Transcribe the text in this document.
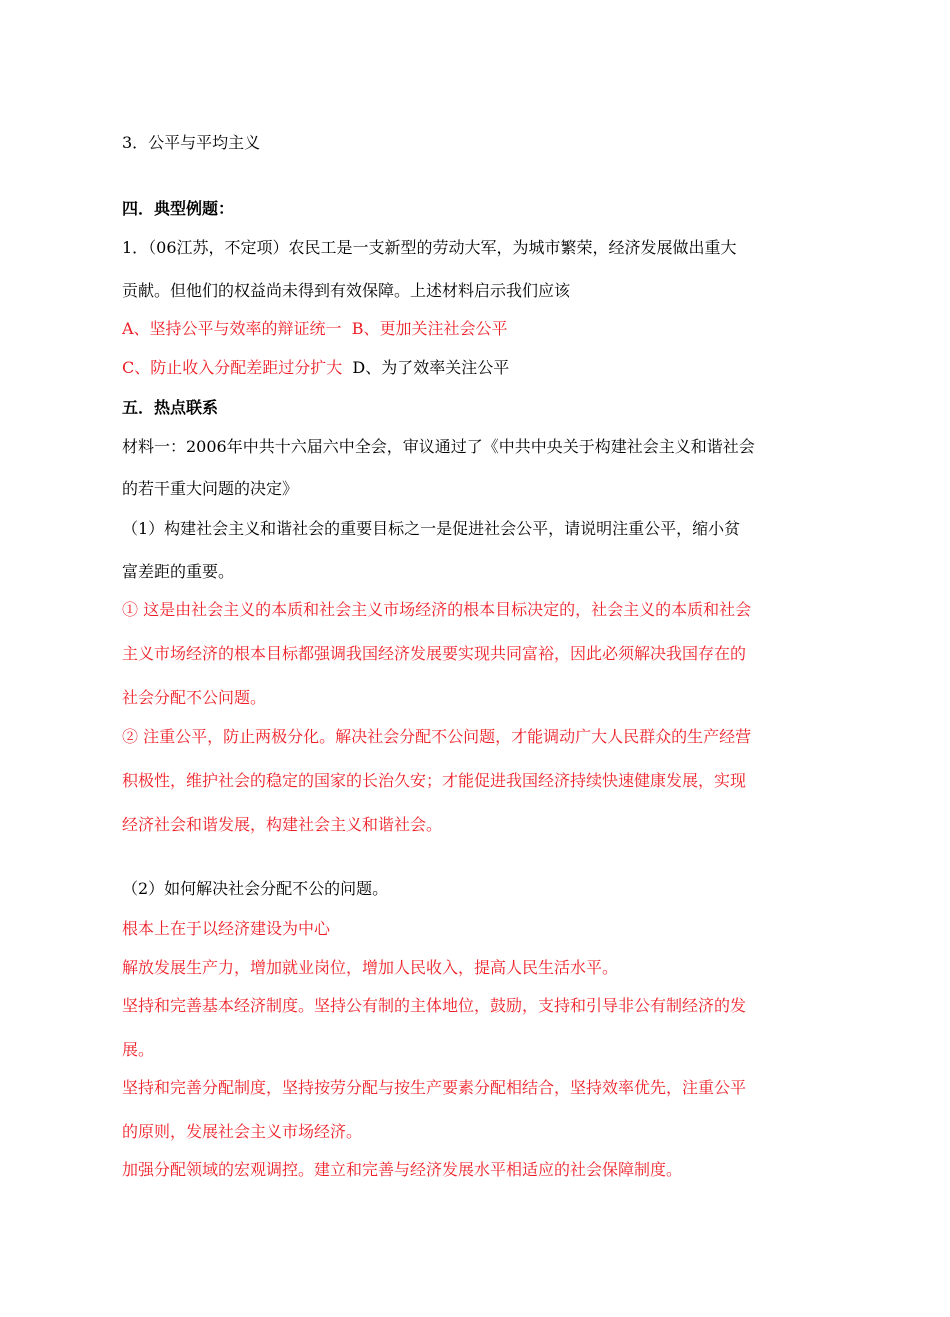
3．公平与平均主义
四．典型例题：
1．（06江苏，不定项）农民工是一支新型的劳动大军，为城市繁荣，经济发展做出重大
贡献。但他们的权益尚未得到有效保障。上述材料启示我们应该
A、坚持公平与效率的辩证统一 B、更加关注社会公平
C、防止收入分配差距过分扩大 D、为了效率关注公平
五．热点联系
材料一：2006年中共十六届六中全会，审议通过了《中共中央关于构建社会主义和谐社会
的若干重大问题的决定》
（1）构建社会主义和谐社会的重要目标之一是促进社会公平，请说明注重公平，缩小贫
富差距的重要。
① 这是由社会主义的本质和社会主义市场经济的根本目标决定的，社会主义的本质和社会
主义市场经济的根本目标都强调我国经济发展要实现共同富裕，因此必须解决我国存在的
社会分配不公问题。
② 注重公平，防止两极分化。解决社会分配不公问题，才能调动广大人民群众的生产经营
积极性，维护社会的稳定的国家的长治久安；才能促进我国经济持续快速健康发展，实现
经济社会和谐发展，构建社会主义和谐社会。
（2）如何解决社会分配不公的问题。
根本上在于以经济建设为中心
解放发展生产力，增加就业岗位，增加人民收入，提高人民生活水平。
坚持和完善基本经济制度。坚持公有制的主体地位，鼓励，支持和引导非公有制经济的发
展。
坚持和完善分配制度，坚持按劳分配与按生产要素分配相结合，坚持效率优先，注重公平
的原则，发展社会主义市场经济。
加强分配领域的宏观调控。建立和完善与经济发展水平相适应的社会保障制度。
